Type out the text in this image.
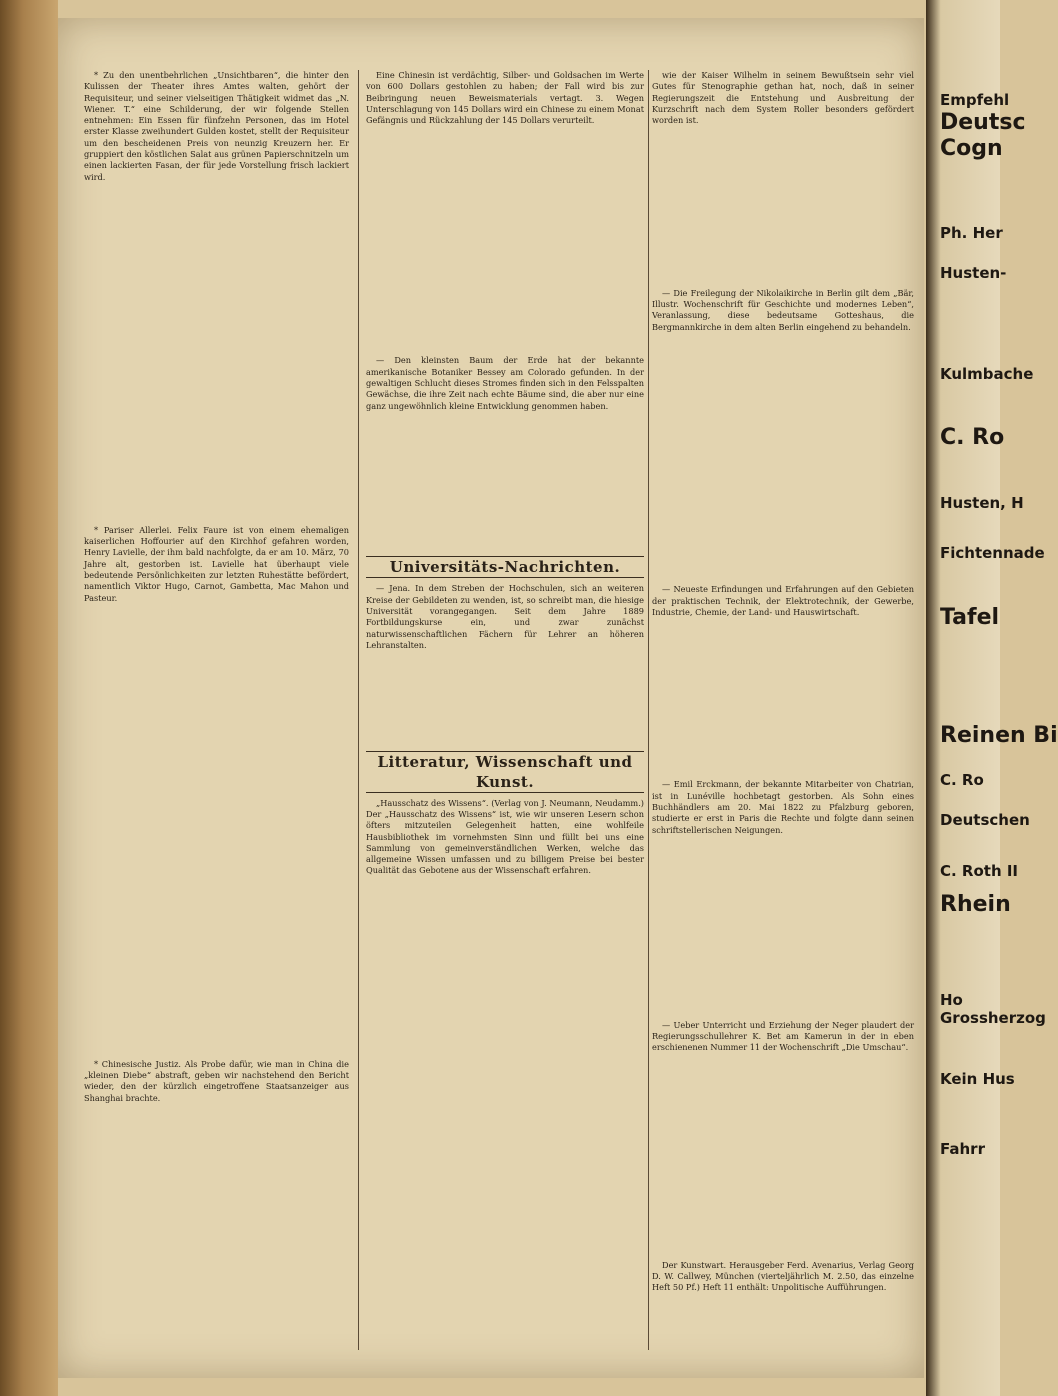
* Zu den unentbehrlichen „Unsichtbaren“, die hinter den Kulissen der Theater ihres Amtes walten, gehört der Requisiteur, und seiner vielseitigen Thätigkeit widmet das „N. Wiener. T.“ eine Schilderung, der wir folgende Stellen entnehmen: Ein Essen für fünfzehn Personen, das im Hotel erster Klasse zweihundert Gulden kostet, stellt der Requisiteur um den bescheidenen Preis von neunzig Kreuzern her. Er gruppiert den köstlichen Salat aus grünen Papierschnitzeln um einen lackierten Fasan, der für jede Vorstellung frisch lackiert wird.

* Pariser Allerlei. Felix Faure ist von einem ehemaligen kaiserlichen Hoffourier auf den Kirchhof gefahren worden, Henry Lavielle, der ihm bald nachfolgte, da er am 10. März, 70 Jahre alt, gestorben ist. Lavielle hat überhaupt viele bedeutende Persönlichkeiten zur letzten Ruhestätte befördert, namentlich Viktor Hugo, Carnot, Gambetta, Mac Mahon und Pasteur.

* Chinesische Justiz. Als Probe dafür, wie man in China die „kleinen Diebe“ abstraft, geben wir nachstehend den Bericht wieder, den der kürzlich eingetroffene Staatsanzeiger aus Shanghai brachte.

Eine Chinesin ist verdächtig, Silber- und Goldsachen im Werte von 600 Dollars gestohlen zu haben; der Fall wird bis zur Beibringung neuen Beweismaterials vertagt. 3. Wegen Unterschlagung von 145 Dollars wird ein Chinese zu einem Monat Gefängnis und Rückzahlung der 145 Dollars verurteilt.

— Den kleinsten Baum der Erde hat der bekannte amerikanische Botaniker Bessey am Colorado gefunden. In der gewaltigen Schlucht dieses Stromes finden sich in den Felsspalten Gewächse, die ihre Zeit nach echte Bäume sind, die aber nur eine ganz ungewöhnlich kleine Entwicklung genommen haben.

Universitäts-Nachrichten.

— Jena. In dem Streben der Hochschulen, sich an weiteren Kreise der Gebildeten zu wenden, ist, so schreibt man, die hiesige Universität vorangegangen. Seit dem Jahre 1889 Fortbildungskurse ein, und zwar zunächst naturwissenschaftlichen Fächern für Lehrer an höheren Lehranstalten.

Litteratur, Wissenschaft und Kunst.

„Hausschatz des Wissens“. (Verlag von J. Neumann, Neudamm.) Der „Hausschatz des Wissens“ ist, wie wir unseren Lesern schon öfters mitzuteilen Gelegenheit hatten, eine wohlfeile Hausbibliothek im vornehmsten Sinn und füllt bei uns eine Sammlung von gemeinverständlichen Werken, welche das allgemeine Wissen umfassen und zu billigem Preise bei bester Qualität das Gebotene aus der Wissenschaft erfahren.

wie der Kaiser Wilhelm in seinem Bewußtsein sehr viel Gutes für Stenographie gethan hat, noch, daß in seiner Regierungszeit die Entstehung und Ausbreitung der Kurzschrift nach dem System Roller besonders gefördert worden ist.

— Die Freilegung der Nikolaikirche in Berlin gilt dem „Bär, Illustr. Wochenschrift für Geschichte und modernes Leben“, Veranlassung, diese bedeutsame Gotteshaus, die Bergmannkirche in dem alten Berlin eingehend zu behandeln.

— Neueste Erfindungen und Erfahrungen auf den Gebieten der praktischen Technik, der Elektrotechnik, der Gewerbe, Industrie, Chemie, der Land- und Hauswirtschaft.

— Emil Erckmann, der bekannte Mitarbeiter von Chatrian, ist in Lunéville hochbetagt gestorben. Als Sohn eines Buchhändlers am 20. Mai 1822 zu Pfalzburg geboren, studierte er erst in Paris die Rechte und folgte dann seinen schriftstellerischen Neigungen.

— Ueber Unterricht und Erziehung der Neger plaudert der Regierungsschullehrer K. Bet am Kamerun in der in eben erschienenen Nummer 11 der Wochenschrift „Die Umschau“.

Der Kunstwart. Herausgeber Ferd. Avenarius, Verlag Georg D. W. Callwey, München (vierteljährlich M. 2.50, das einzelne Heft 50 Pf.) Heft 11 enthält: Unpolitische Aufführungen.

Empfehl
Deutsc
Cogn
Ph. Her
Husten-
Kulmbache
C. Ro
Husten, H
Fichtennade
Tafel
Reinen Bi
C. Ro
Deutschen
C. Roth II
Rhein
Ho
Grossherzog
Kein Hus
Fahrr
